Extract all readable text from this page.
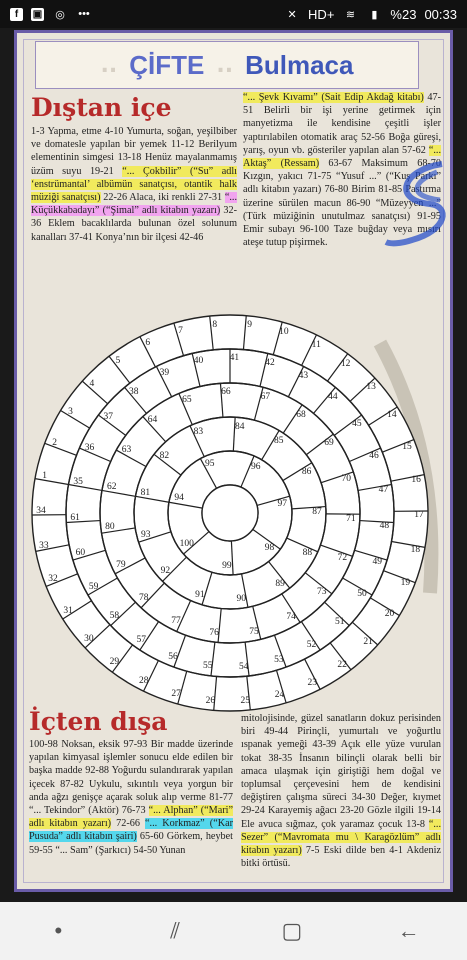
f	▣ ◎ •••	✕ HD+	≋	▮ %23 00:33
.. ÇİFTE .. Bulmaca
Dıştan içe
1-3 Yapma, etme 4-10 Yumurta, soğan, yeşilbiber ve domatesle yapılan bir yemek 11-12 Berilyum elementinin simgesi 13-18 Henüz mayalanmamış üzüm suyu 19-21 “... Çokbilir” (“Su” adlı ‘enstrümantal’ albümün sanatçısı, otantik halk müziği sanatçısı) 22-26 Alaca, iki renkli 27-31 “... Küçükkabadayı” (“Şimal” adlı kitabın yazarı) 32-36 Eklem bacaklılarda bulunan özel solunum kanalları 37-41 Konya’nın bir ilçesi 42-46
“... Şevk Kıvamı” (Sait Edip Akdağ kitabı) 47-51 Belirli bir işi yerine getirmek için manyetizma ile kendisine çeşitli işler yaptırılabilen otomatik araç 52-56 Boğa güreşi, yarış, oyun vb. gösteriler yapılan alan 57-62 “... Aktaş” (Ressam) 63-67 Maksimum 68-70 Kızgın, yakıcı 71-75 “Yusuf ...” (“Kuş Parkı” adlı kitabın yazarı) 76-80 Birim 81-85 Pastırma üzerine sürülen macun 86-90 “Müzeyyen ...” (Türk müziğinin unutulmaz sanatçısı) 91-95 Emir subayı 96-100 Taze buğday veya mısırı ateşe tutup pişirmek.
1
2
3
4
5
6
7
8	9
10
11
12
13
14
15
16
17
18
19
20
21
22
23
24
25
26
27
28
29
30
31
32
33
34
35
36
37
38
39
40	41
42
43
44
45
46
47
48
49
50
51
52
53
54
55
56
57
58
59
60
61
62
63
64
65
66
67
68
69
70
71
72
73
74
75
76
77
78
79
80
81
82
83
84
85
86
87
88
89
90
91
92
93
94
95	96
97
98
99
100
İçten dışa
100-98 Noksan, eksik 97-93 Bir madde üzerinde yapılan kimyasal işlemler sonucu elde edilen bir başka madde 92-88 Yoğurdu sulandırarak yapılan içecek 87-82 Uykulu, sıkıntılı veya yorgun bir anda ağzı genişçe açarak soluk alıp verme 81-77 “... Tekindor” (Aktör) 76-73 “... Alphan” (“Mari” adlı kitabın yazarı) 72-66 “... Korkmaz” (“Kar Pusuda” adlı kitabın şairi) 65-60 Görkem, heybet 59-55 “... Sam” (Şarkıcı) 54-50 Yunan
mitolojisinde, güzel sanatların dokuz perisinden biri 49-44 Pirinçli, yumurtalı ve yoğurtlu ıspanak yemeği 43-39 Açık elle yüze vurulan tokat 38-35 İnsanın bilinçli olarak belli bir amaca ulaşmak için giriştiği hem doğal ve toplumsal çerçevesini hem de kendisini değiştiren çalışma süreci 34-30 Değer, kıymet 29-24 Karayemiş ağacı 23-20 Gözle ilgili 19-14 Ele avuca sığmaz, çok yaramaz çocuk 13-8 “... Sezer” (“Mavromata mu \ Karagözlüm” adlı kitabın yazarı) 7-5 Eski dilde ben 4-1 Akdeniz bitki örtüsü.
•	⫽	▢	←
